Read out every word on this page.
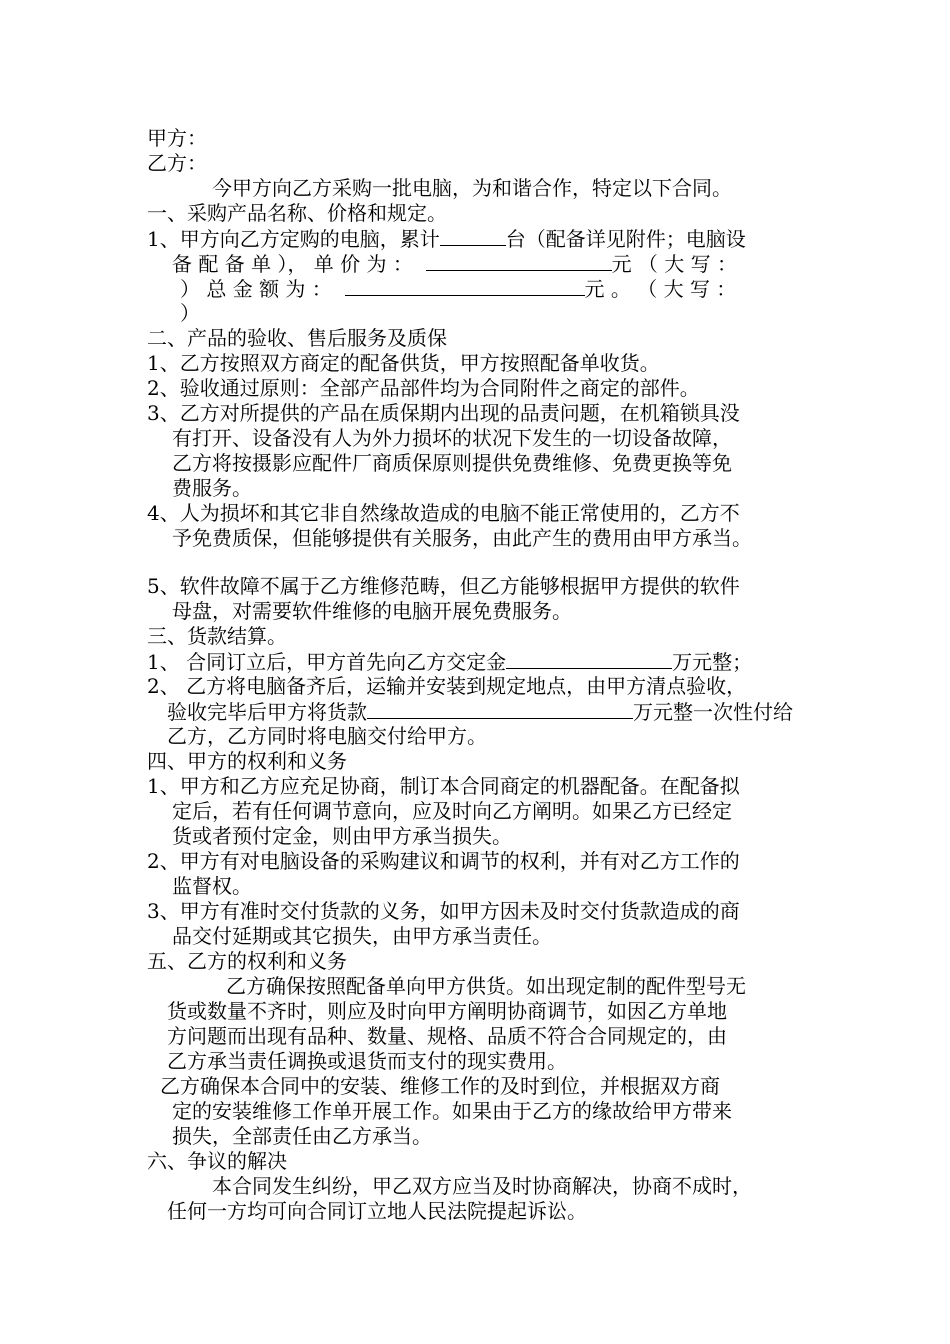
甲方：
乙方：
今甲方向乙方采购一批电脑，为和谐合作，特定以下合同。
一、采购产品名称、价格和规定。
1、甲方向乙方定购的电脑，累计	台（配备详见附件；电脑设
备 配 备 单 ）， 单 价 为 ：	元 （ 大 写 ：
） 总 金 额 为 ：	元 。 （ 大 写 ：
）
二、产品的验收、售后服务及质保
1、乙方按照双方商定的配备供货，甲方按照配备单收货。
2、验收通过原则：全部产品部件均为合同附件之商定的部件。
3、乙方对所提供的产品在质保期内出现的品责问题，在机箱锁具没
有打开、设备没有人为外力损坏的状况下发生的一切设备故障，
乙方将按摄影应配件厂商质保原则提供免费维修、免费更换等免
费服务。
4、人为损坏和其它非自然缘故造成的电脑不能正常使用的，乙方不
予免费质保，但能够提供有关服务，由此产生的费用由甲方承当。
5、软件故障不属于乙方维修范畴，但乙方能够根据甲方提供的软件
母盘，对需要软件维修的电脑开展免费服务。
三、货款结算。
1、 合同订立后，甲方首先向乙方交定金	万元整；
2、 乙方将电脑备齐后，运输并安装到规定地点，由甲方清点验收，
验收完毕后甲方将货款	万元整一次性付给
乙方，乙方同时将电脑交付给甲方。
四、甲方的权利和义务
1、甲方和乙方应充足协商，制订本合同商定的机器配备。在配备拟
定后，若有任何调节意向，应及时向乙方阐明。如果乙方已经定
货或者预付定金，则由甲方承当损失。
2、甲方有对电脑设备的采购建议和调节的权利，并有对乙方工作的
监督权。
3、甲方有准时交付货款的义务，如甲方因未及时交付货款造成的商
品交付延期或其它损失，由甲方承当责任。
五、乙方的权利和义务
乙方确保按照配备单向甲方供货。如出现定制的配件型号无
货或数量不齐时，则应及时向甲方阐明协商调节，如因乙方单地
方问题而出现有品种、数量、规格、品质不符合合同规定的，由
乙方承当责任调换或退货而支付的现实费用。
乙方确保本合同中的安装、维修工作的及时到位，并根据双方商
定的安装维修工作单开展工作。如果由于乙方的缘故给甲方带来
损失，全部责任由乙方承当。
六、争议的解决
本合同发生纠纷，甲乙双方应当及时协商解决，协商不成时，
任何一方均可向合同订立地人民法院提起诉讼。
